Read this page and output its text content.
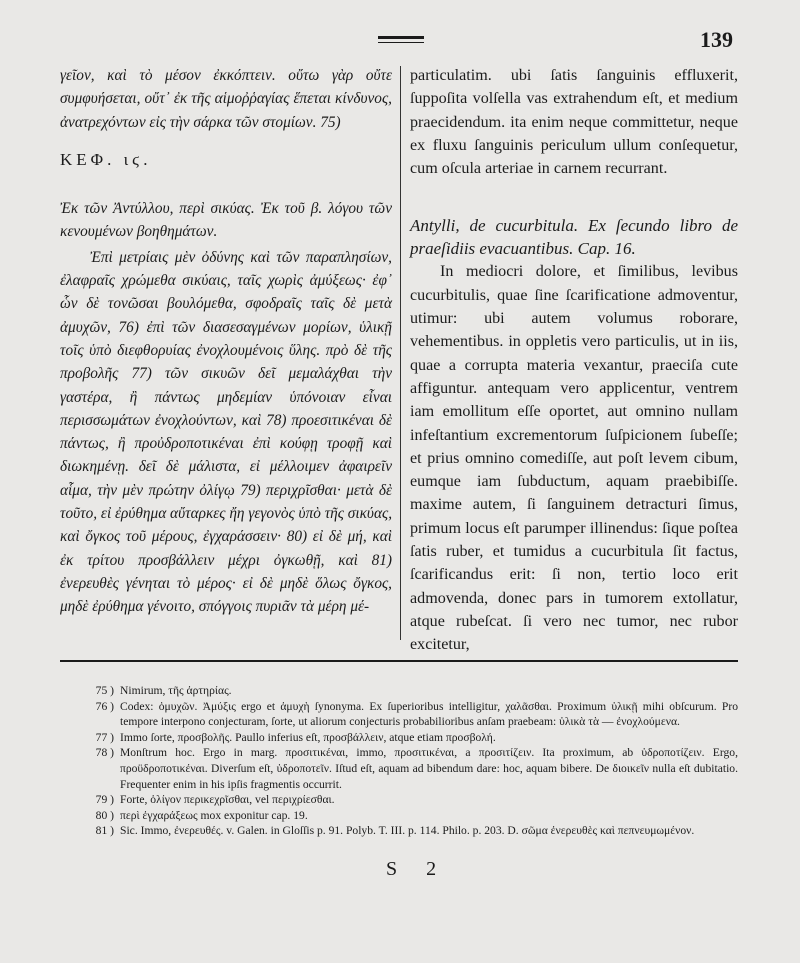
139

γεῖον, καὶ τὸ μέσον ἐκκόπτειν. οὔτω γὰρ οὔτε συμφυήσεται, οὔτ᾽ ἐκ τῆς αἱμοῤῥαγίας ἕπεται κίνδυνος, ἀνατρεχόντων εἰς τὴν σάρκα τῶν στομίων. 75)

ΚΕΦ. ιϛ.

Ἐκ τῶν Ἀντύλλου, περὶ σικύας. Ἐκ τοῦ β. λόγου τῶν κενουμένων βοηθημάτων.

Ἐπὶ μετρίαις μὲν ὀδύνης καὶ τῶν παραπλησίων, ἐλαφραῖς χρώμεθα σικύαις, ταῖς χωρὶς ἀμύξεως· ἐφ᾽ ὧν δὲ τονῶσαι βουλόμεθα, σφοδραῖς ταῖς δὲ μετὰ ἀμυχῶν, 76) ἐπὶ τῶν διασεσαγμένων μορίων, ὑλικῇ τοῖς ὑπὸ διεφθορυίας ἐνοχλουμένοις ὕλης. πρὸ δὲ τῆς προβολῆς 77) τῶν σικυῶν δεῖ μεμαλάχθαι τὴν γαστέρα, ἢ πάντως μηδεμίαν ὑπόνοιαν εἶναι περισσωμάτων ἐνοχλούντων, καὶ 78) προεσιτικέναι δὲ πάντως, ἢ προὐδροποτικέναι ἐπὶ κούφῃ τροφῇ καὶ διωκημένῃ. δεῖ δὲ μάλιστα, εἰ μέλλοιμεν ἀφαιρεῖν αἷμα, τὴν μὲν πρώτην ὀλίγῳ 79) περιχρῖσθαι· μετὰ δὲ τοῦτο, εἰ ἐρύθημα αὔταρκες ἤη γεγονὸς ὑπὸ τῆς σικύας, καὶ ὄγκος τοῦ μέρους, ἐγχαράσσειν· 80) εἰ δὲ μή, καὶ ἐκ τρίτου προσβάλλειν μέχρι ὀγκωθῇ, καὶ 81) ἐνερευθὲς γένηται τὸ μέρος· εἰ δὲ μηδὲ ὅλως ὄγκος, μηδὲ ἐρύθημα γένοιτο, σπόγγοις πυριᾶν τὰ μέρη μέ-

particulatim. ubi ſatis ſanguinis effluxerit, ſuppoſita volſella vas extrahendum eſt, et medium praecidendum. ita enim neque committetur, neque ex fluxu ſanguinis periculum ullum conſequetur, cum oſcula arteriae in carnem recurrant.

Antylli, de cucurbitula. Ex ſecundo libro de praeſidiis evacuantibus. Cap. 16.

In mediocri dolore, et ſimilibus, levibus cucurbitulis, quae ſine ſcarificatione admoventur, utimur: ubi autem volumus roborare, vehementibus. in oppletis vero particulis, ut in iis, quae a corrupta materia vexantur, praeciſa cute affiguntur. antequam vero applicentur, ventrem iam emollitum eſſe oportet, aut omnino nullam infeſtantium excrementorum ſuſpicionem ſubeſſe; et prius omnino comediſſe, aut poſt levem cibum, eumque iam ſubductum, aquam praebibiſſe. maxime autem, ſi ſanguinem detracturi ſimus, primum locus eſt parumper illinendus: ſique poſtea ſatis ruber, et tumidus a cucurbitula ſit factus, ſcarificandus erit: ſi non, tertio loco erit admovenda, donec pars in tumorem extollatur, atque rubeſcat. ſi vero nec tumor, nec rubor excitetur,

75 ) Nimirum, τῆς ἀρτηρίας.
76 ) Codex: ὁμυχῶν. Ἀμύξις ergo et ἀμυχὴ ſynonyma. Ex ſuperioribus intelligitur, χαλᾶσθαι. Proximum ὑλικῇ mihi obſcurum. Pro tempore interpono conjecturam, ſorte, ut aliorum conjecturis probabilioribus anſam praebeam: ὑλικὰ τὰ — ἐνοχλούμενα.
77 ) Immo ſorte, προσβολῆς. Paullo inferius eſt, προσβάλλειν, atque etiam προσβολή.
78 ) Monſtrum hoc. Ergo in marg. προσιτικέναι, immo, προσιτικέναι, a προσιτίζειν. Ita proximum, ab ὑδροποτίζειν. Ergo, προϋδροποτικέναι. Diverſum eſt, ὑδροποτεῖν. Iſtud eſt, aquam ad bibendum dare: hoc, aquam bibere. De διοικεῖν nulla eſt dubitatio. Frequenter enim in his ipſis fragmentis occurrit.
79 ) Forte, ὀλίγον περικεχρῖσθαι, vel περιχρίεσθαι.
80 ) περὶ ἐγχαράξεως mox exponitur cap. 19.
81 ) Sic. Immo, ἐνερευθές. v. Galen. in Gloſſis p. 91. Polyb. T. III. p. 114. Philo. p. 203. D. σῶμα ἐνερευθὲς καὶ πεπνευμωμένον.
S 2
